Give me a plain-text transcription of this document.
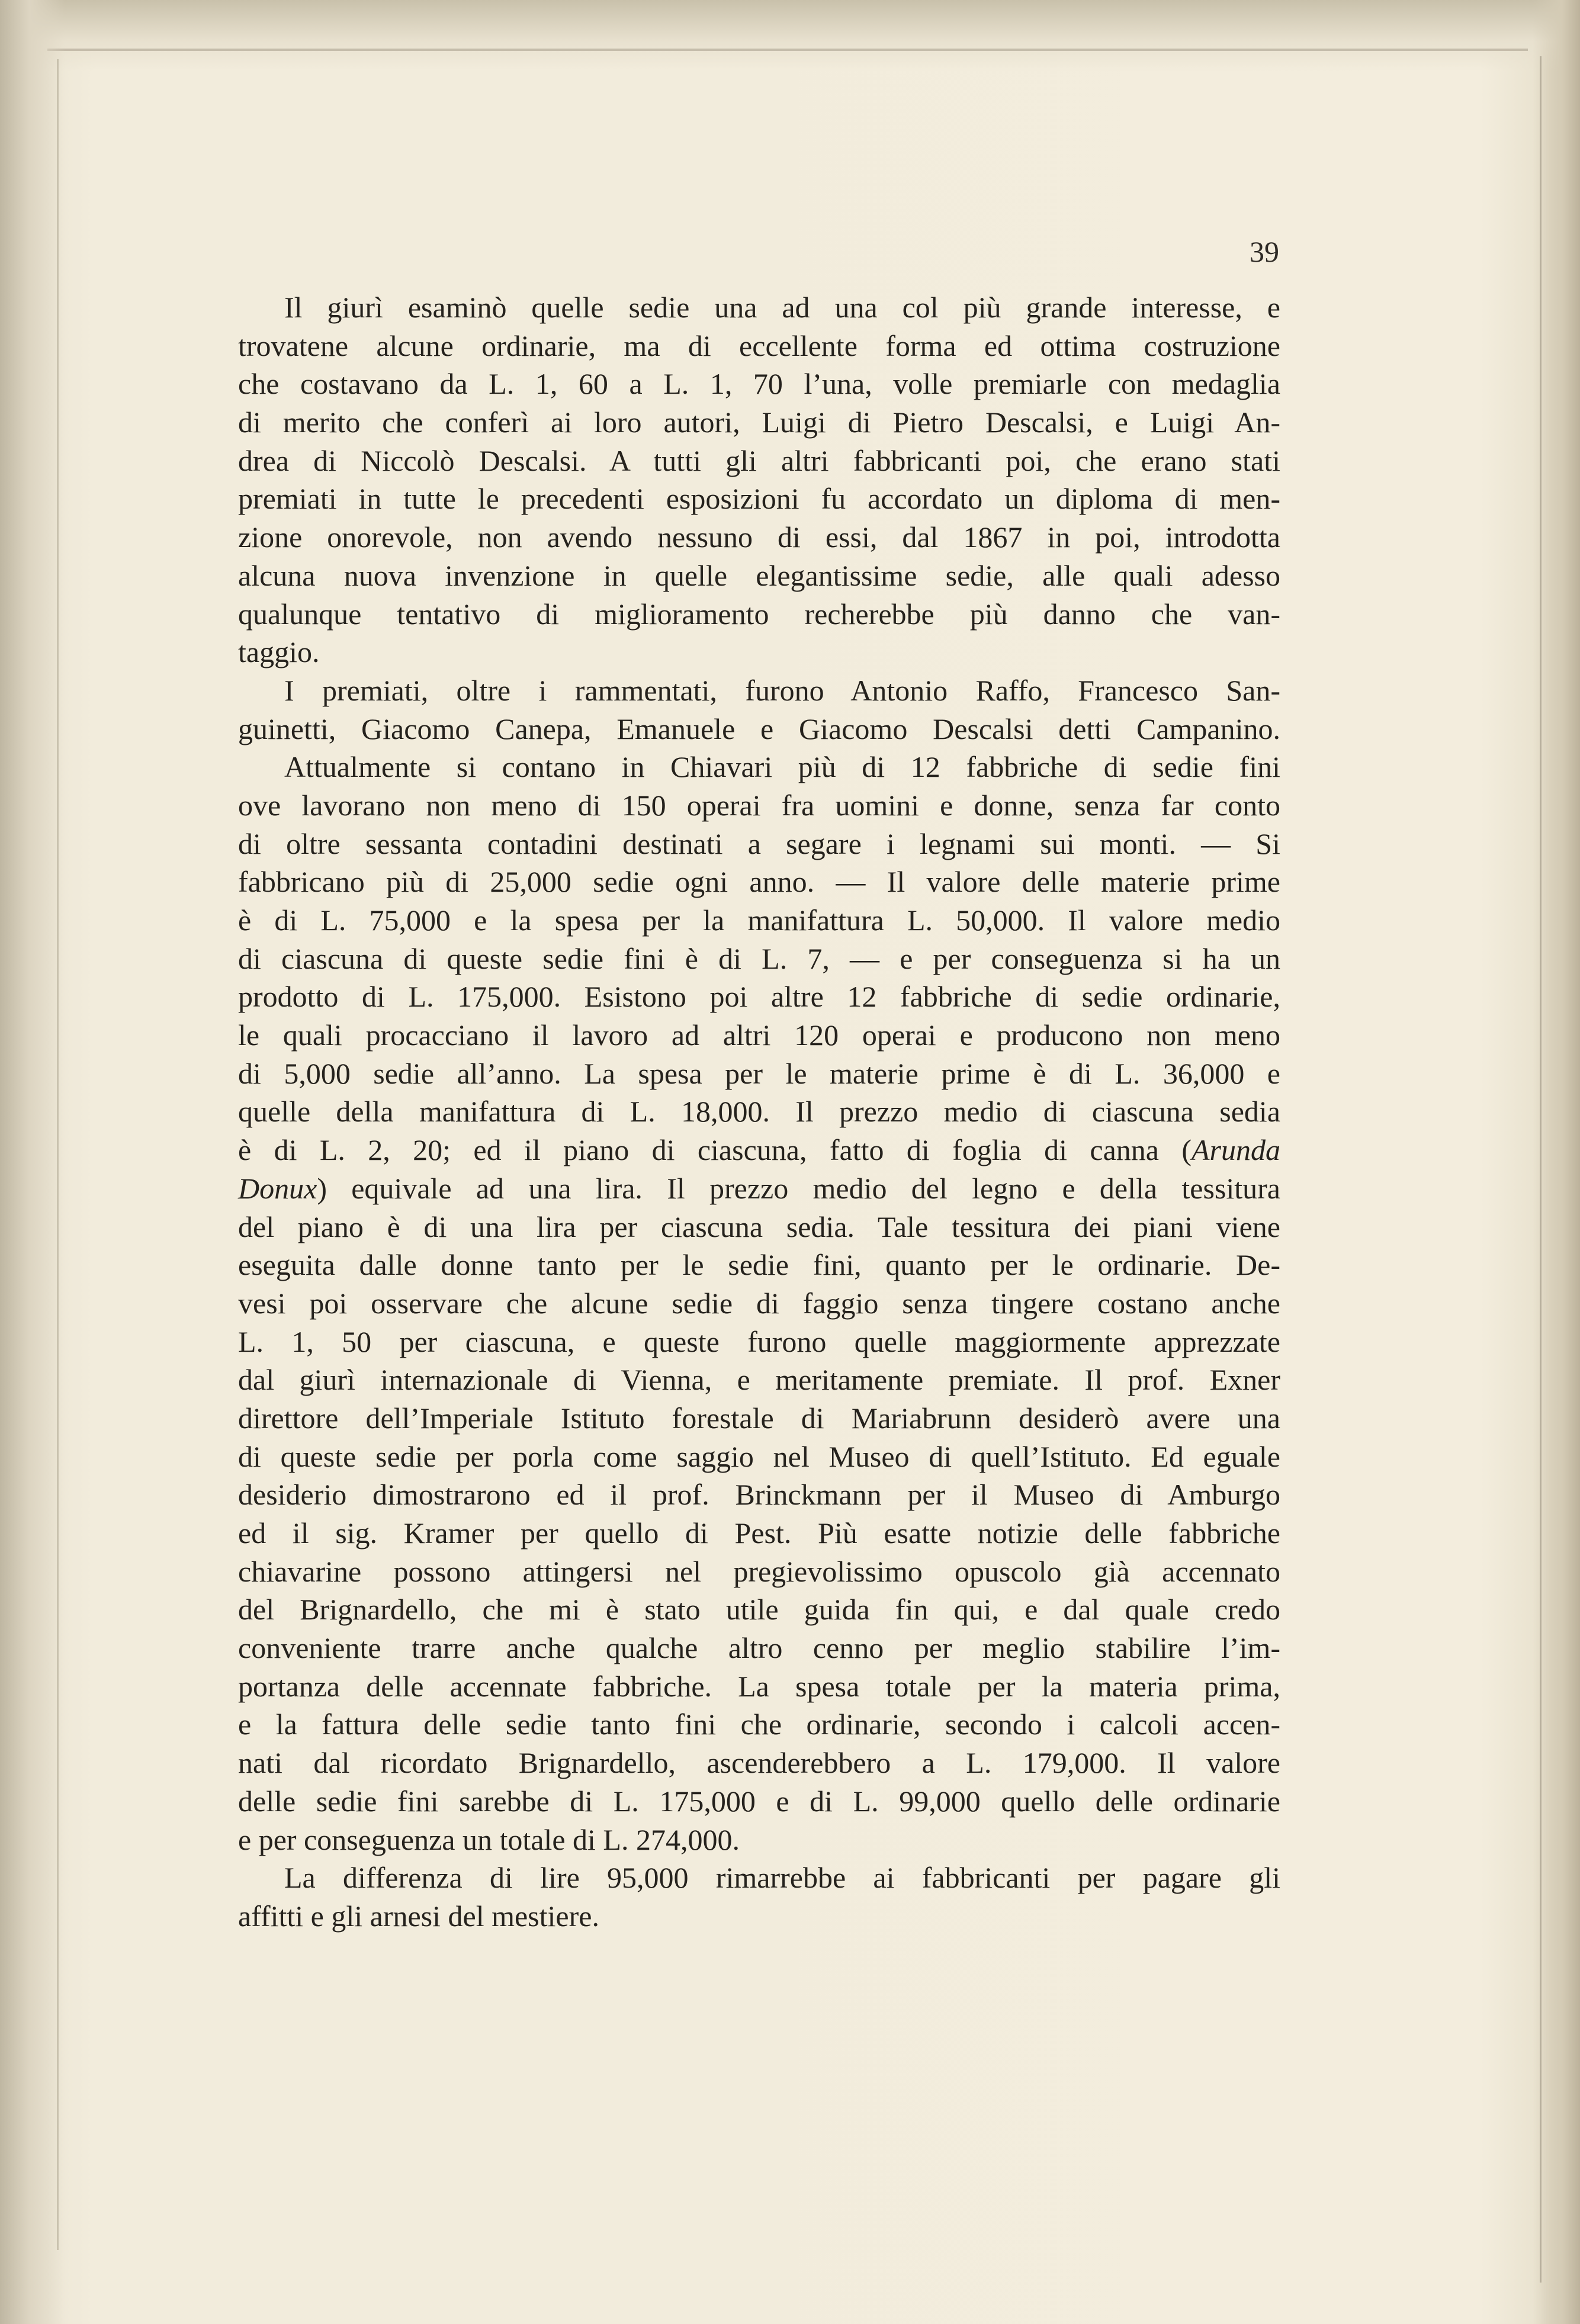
39
Il giurì esaminò quelle sedie una ad una col più grande interesse, e
trovatene alcune ordinarie, ma di eccellente forma ed ottima costruzione
che costavano da L. 1, 60 a L. 1, 70 l’una, volle premiarle con medaglia
di merito che conferì ai loro autori, Luigi di Pietro Descalsi, e Luigi An-
drea di Niccolò Descalsi. A tutti gli altri fabbricanti poi, che erano stati
premiati in tutte le precedenti esposizioni fu accordato un diploma di men-
zione onorevole, non avendo nessuno di essi, dal 1867 in poi, introdotta
alcuna nuova invenzione in quelle elegantissime sedie, alle quali adesso
qualunque tentativo di miglioramento recherebbe più danno che van-
taggio.
I premiati, oltre i rammentati, furono Antonio Raffo, Francesco San-
guinetti, Giacomo Canepa, Emanuele e Giacomo Descalsi detti Campanino.
Attualmente si contano in Chiavari più di 12 fabbriche di sedie fini
ove lavorano non meno di 150 operai fra uomini e donne, senza far conto
di oltre sessanta contadini destinati a segare i legnami sui monti. — Si
fabbricano più di 25,000 sedie ogni anno. — Il valore delle materie prime
è di L. 75,000 e la spesa per la manifattura L. 50,000. Il valore medio
di ciascuna di queste sedie fini è di L. 7, — e per conseguenza si ha un
prodotto di L. 175,000. Esistono poi altre 12 fabbriche di sedie ordinarie,
le quali procacciano il lavoro ad altri 120 operai e producono non meno
di 5,000 sedie all’anno. La spesa per le materie prime è di L. 36,000 e
quelle della manifattura di L. 18,000. Il prezzo medio di ciascuna sedia
è di L. 2, 20; ed il piano di ciascuna, fatto di foglia di canna (Arunda
Donux) equivale ad una lira. Il prezzo medio del legno e della tessitura
del piano è di una lira per ciascuna sedia. Tale tessitura dei piani viene
eseguita dalle donne tanto per le sedie fini, quanto per le ordinarie. De-
vesi poi osservare che alcune sedie di faggio senza tingere costano anche
L. 1, 50 per ciascuna, e queste furono quelle maggiormente apprezzate
dal giurì internazionale di Vienna, e meritamente premiate. Il prof. Exner
direttore dell’Imperiale Istituto forestale di Mariabrunn desiderò avere una
di queste sedie per porla come saggio nel Museo di quell’Istituto. Ed eguale
desiderio dimostrarono ed il prof. Brinckmann per il Museo di Amburgo
ed il sig. Kramer per quello di Pest. Più esatte notizie delle fabbriche
chiavarine possono attingersi nel pregievolissimo opuscolo già accennato
del Brignardello, che mi è stato utile guida fin qui, e dal quale credo
conveniente trarre anche qualche altro cenno per meglio stabilire l’im-
portanza delle accennate fabbriche. La spesa totale per la materia prima,
e la fattura delle sedie tanto fini che ordinarie, secondo i calcoli accen-
nati dal ricordato Brignardello, ascenderebbero a L. 179,000. Il valore
delle sedie fini sarebbe di L. 175,000 e di L. 99,000 quello delle ordinarie
e per conseguenza un totale di L. 274,000.
La differenza di lire 95,000 rimarrebbe ai fabbricanti per pagare gli
affitti e gli arnesi del mestiere.
